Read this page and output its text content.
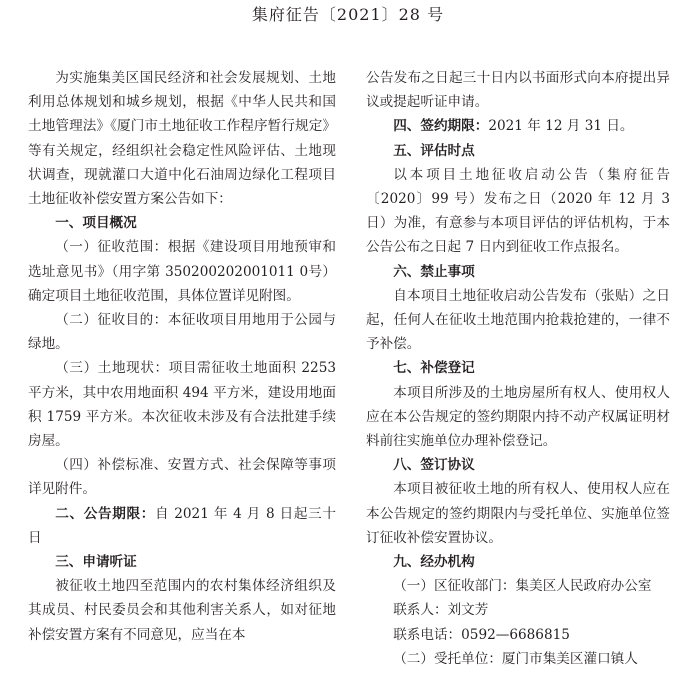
集府征告〔2021〕28 号

为实施集美区国民经济和社会发展规划、土地利用总体规划和城乡规划，根据《中华人民共和国土地管理法》《厦门市土地征收工作程序暂行规定》等有关规定，经组织社会稳定性风险评估、土地现状调查，现就灌口大道中化石油周边绿化工程项目土地征收补偿安置方案公告如下：

一、项目概况

（一）征收范围：根据《建设项目用地预审和选址意见书》（用字第 350200202001011 0号）确定项目土地征收范围，具体位置详见附图。

（二）征收目的：本征收项目用地用于公园与绿地。

（三）土地现状：项目需征收土地面积 2253 平方米，其中农用地面积 494 平方米，建设用地面积 1759 平方米。本次征收未涉及有合法批建手续房屋。

（四）补偿标准、安置方式、社会保障等事项详见附件。

二、公告期限：自 2021 年 4 月 8 日起三十日

三、申请听证

被征收土地四至范围内的农村集体经济组织及其成员、村民委员会和其他利害关系人，如对征地补偿安置方案有不同意见，应当在本

公告发布之日起三十日内以书面形式向本府提出异议或提起听证申请。

四、签约期限：2021 年 12 月 31 日。

五、评估时点

以本项目土地征收启动公告（集府征告〔2020〕99 号）发布之日（2020 年 12 月 3 日）为准，有意参与本项目评估的评估机构，于本公告公布之日起 7 日内到征收工作点报名。

六、禁止事项

自本项目土地征收启动公告发布（张贴）之日起，任何人在征收土地范围内抢栽抢建的，一律不予补偿。

七、补偿登记

本项目所涉及的土地房屋所有权人、使用权人应在本公告规定的签约期限内持不动产权属证明材料前往实施单位办理补偿登记。

八、签订协议

本项目被征收土地的所有权人、使用权人应在本公告规定的签约期限内与受托单位、实施单位签订征收补偿安置协议。

九、经办机构

（一）区征收部门：集美区人民政府办公室

联系人：刘文芳

联系电话：0592—6686815

（二）受托单位：厦门市集美区灌口镇人
